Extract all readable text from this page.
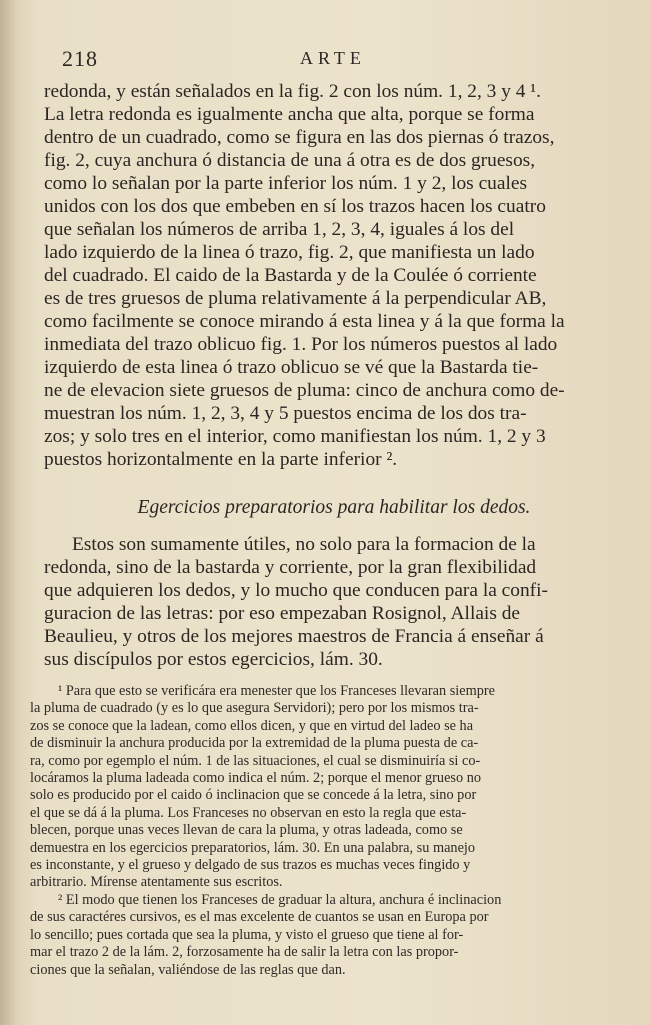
218	ARTE
redonda, y están señalados en la fig. 2 con los núm. 1, 2, 3 y 4 ¹.
La letra redonda es igualmente ancha que alta, porque se forma
dentro de un cuadrado, como se figura en las dos piernas ó trazos,
fig. 2, cuya anchura ó distancia de una á otra es de dos gruesos,
como lo señalan por la parte inferior los núm. 1 y 2, los cuales
unidos con los dos que embeben en sí los trazos hacen los cuatro
que señalan los números de arriba 1, 2, 3, 4, iguales á los del
lado izquierdo de la linea ó trazo, fig. 2, que manifiesta un lado
del cuadrado. El caido de la Bastarda y de la Coulée ó corriente
es de tres gruesos de pluma relativamente á la perpendicular AB,
como facilmente se conoce mirando á esta linea y á la que forma la
inmediata del trazo oblicuo fig. 1. Por los números puestos al lado
izquierdo de esta linea ó trazo oblicuo se vé que la Bastarda tie-
ne de elevacion siete gruesos de pluma: cinco de anchura como de-
muestran los núm. 1, 2, 3, 4 y 5 puestos encima de los dos tra-
zos; y solo tres en el interior, como manifiestan los núm. 1, 2 y 3
puestos horizontalmente en la parte inferior ².
Egercicios preparatorios para habilitar los dedos.
Estos son sumamente útiles, no solo para la formacion de la
redonda, sino de la bastarda y corriente, por la gran flexibilidad
que adquieren los dedos, y lo mucho que conducen para la confi-
guracion de las letras: por eso empezaban Rosignol, Allais de
Beaulieu, y otros de los mejores maestros de Francia á enseñar á
sus discípulos por estos egercicios, lám. 30.
¹ Para que esto se verificára era menester que los Franceses llevaran siempre
la pluma de cuadrado (y es lo que asegura Servidori); pero por los mismos tra-
zos se conoce que la ladean, como ellos dicen, y que en virtud del ladeo se ha
de disminuir la anchura producida por la extremidad de la pluma puesta de ca-
ra, como por egemplo el núm. 1 de las situaciones, el cual se disminuiría si co-
locáramos la pluma ladeada como indica el núm. 2; porque el menor grueso no
solo es producido por el caido ó inclinacion que se concede á la letra, sino por
el que se dá á la pluma. Los Franceses no observan en esto la regla que esta-
blecen, porque unas veces llevan de cara la pluma, y otras ladeada, como se
demuestra en los egercicios preparatorios, lám. 30. En una palabra, su manejo
es inconstante, y el grueso y delgado de sus trazos es muchas veces fingido y
arbitrario. Mírense atentamente sus escritos.
² El modo que tienen los Franceses de graduar la altura, anchura é inclinacion
de sus caractéres cursivos, es el mas excelente de cuantos se usan en Europa por
lo sencillo; pues cortada que sea la pluma, y visto el grueso que tiene al for-
mar el trazo 2 de la lám. 2, forzosamente ha de salir la letra con las propor-
ciones que la señalan, valiéndose de las reglas que dan.
